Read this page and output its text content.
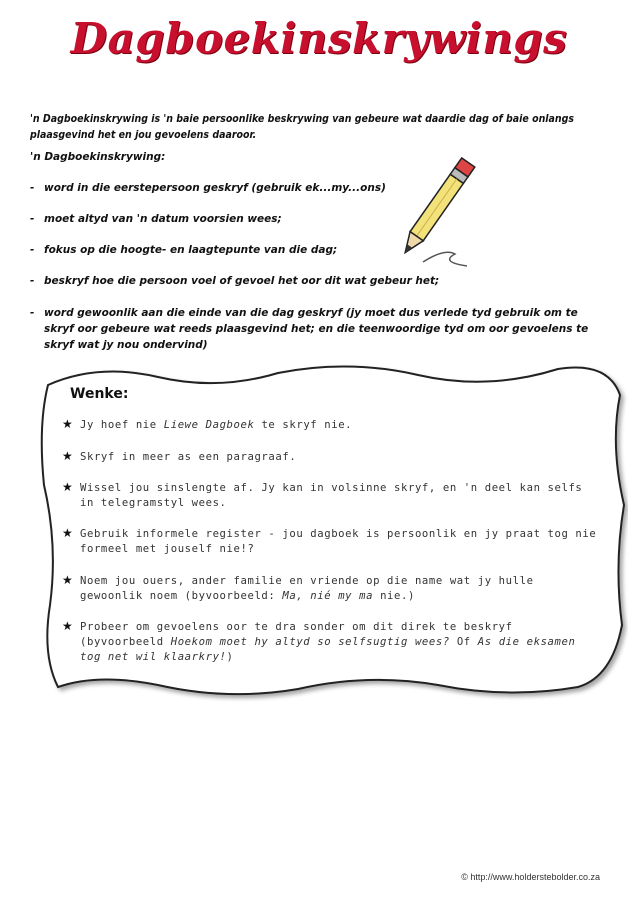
Dagboekinskrywings
'n Dagboekinskrywing is 'n baie persoonlike beskrywing van gebeure wat daardie dag of baie onlangs plaasgevind het en jou gevoelens daaroor.
'n Dagboekinskrywing:
- word in die eerstepersoon geskryf (gebruik ek...my...ons)
- moet altyd van 'n datum voorsien wees;
- fokus op die hoogte- en laagtepunte van die dag;
- beskryf hoe die persoon voel of gevoel het oor dit wat gebeur het;
- word gewoonlik aan die einde van die dag geskryf (jy moet dus verlede tyd gebruik om te skryf oor gebeure wat reeds plaasgevind het; en die teenwoordige tyd om oor gevoelens te skryf wat jy nou ondervind)
Wenke:
★ Jy hoef nie Liewe Dagboek te skryf nie.
★ Skryf in meer as een paragraaf.
★ Wissel jou sinslengte af. Jy kan in volsinne skryf, en 'n deel kan selfs in telegramstyl wees.
★ Gebruik informele register - jou dagboek is persoonlik en jy praat tog nie formeel met jouself nie!?
★ Noem jou ouers, ander familie en vriende op die name wat jy hulle gewoonlik noem (byvoorbeeld: Ma, nié my ma nie.)
★ Probeer om gevoelens oor te dra sonder om dit direk te beskryf (byvoorbeeld Hoekom moet hy altyd so selfsugtig wees? Of As die eksamen tog net wil klaarkry!)
© http://www.holderstebolder.co.za
